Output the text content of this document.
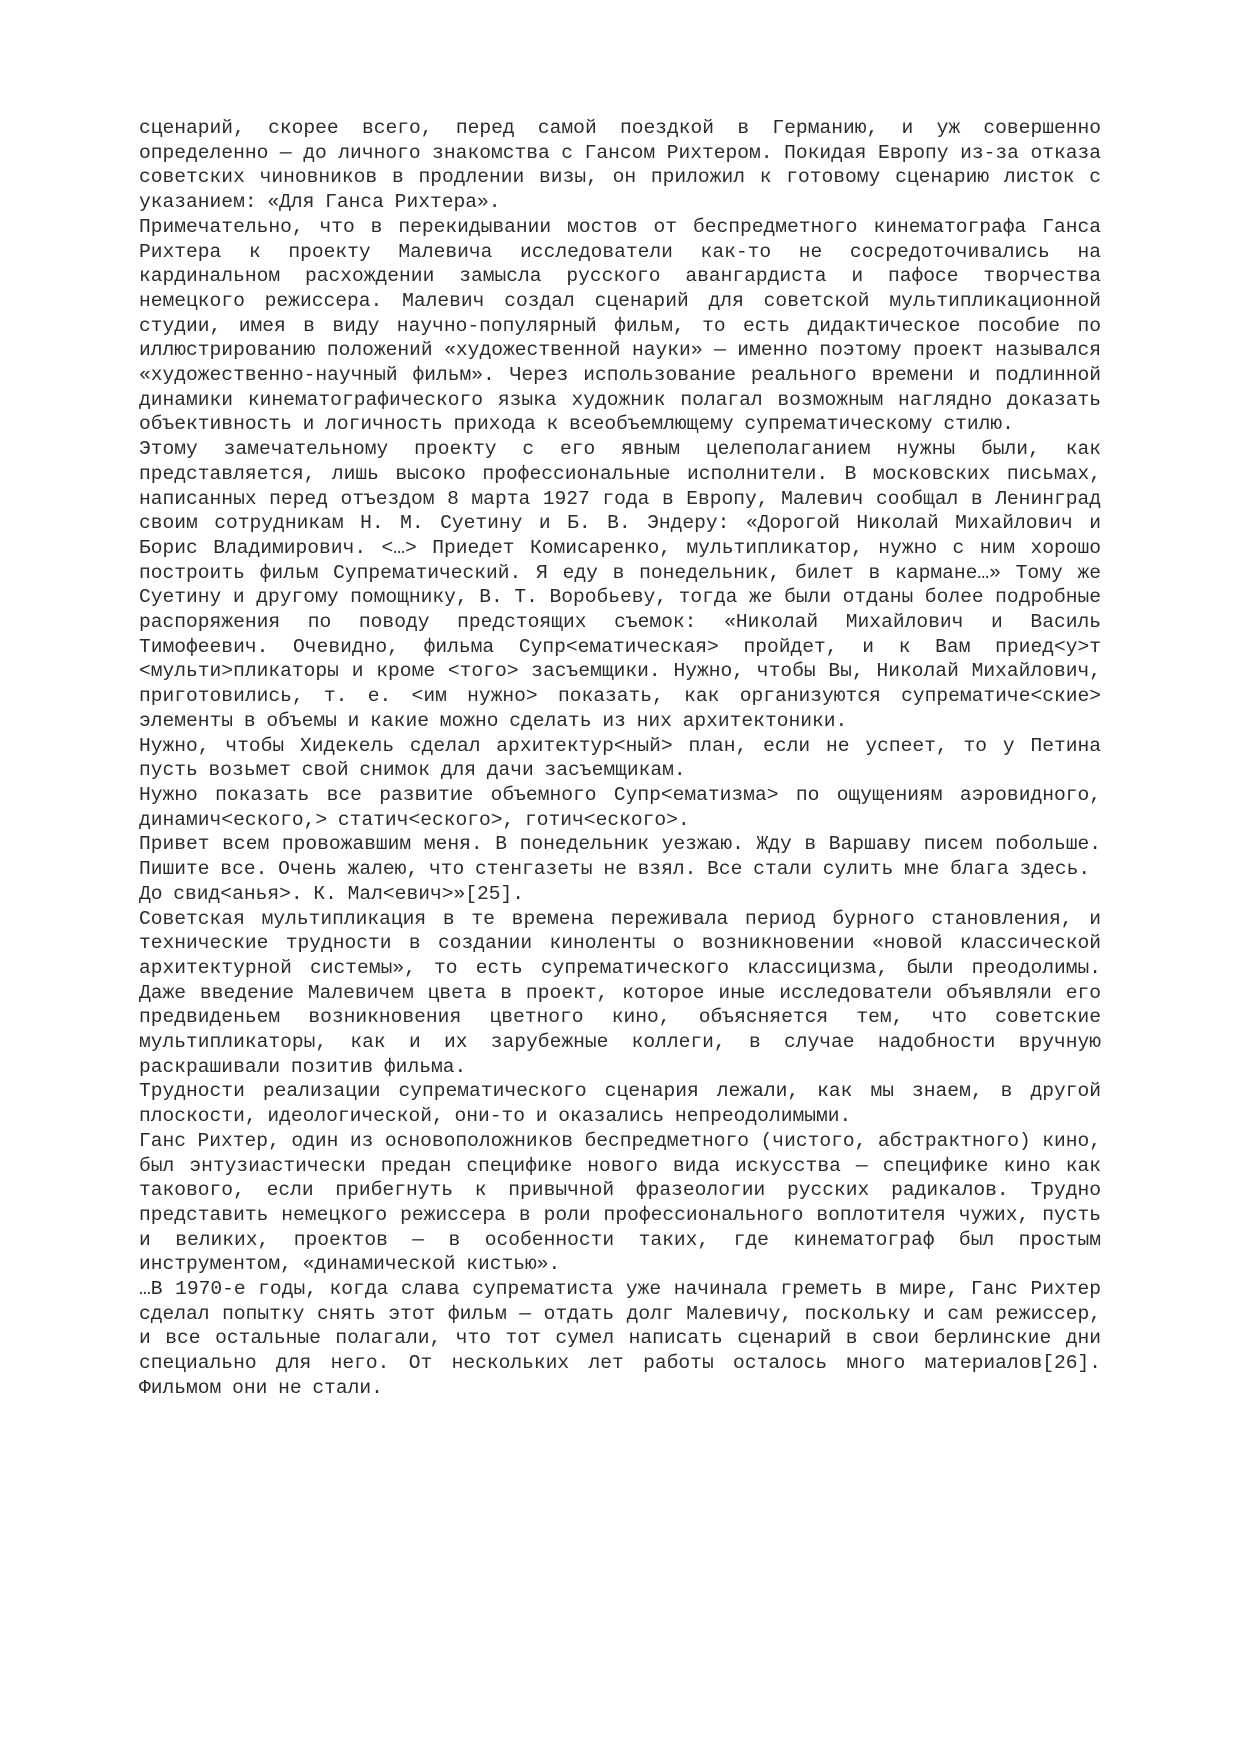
сценарий, скорее всего, перед самой поездкой в Германию, и уж совершенно определенно — до личного знакомства с Гансом Рихтером. Покидая Европу из-за отказа советских чиновников в продлении визы, он приложил к готовому сценарию листок с указанием: «Для Ганса Рихтера».

Примечательно, что в перекидывании мостов от беспредметного кинематографа Ганса Рихтера к проекту Малевича исследователи как-то не сосредоточивались на кардинальном расхождении замысла русского авангардиста и пафосе творчества немецкого режиссера. Малевич создал сценарий для советской мультипликационной студии, имея в виду научно-популярный фильм, то есть дидактическое пособие по иллюстрированию положений «художественной науки» — именно поэтому проект назывался «художественно-научный фильм». Через использование реального времени и подлинной динамики кинематографического языка художник полагал возможным наглядно доказать объективность и логичность прихода к всеобъемлющему супрематическому стилю.

Этому замечательному проекту с его явным целеполаганием нужны были, как представляется, лишь высоко профессиональные исполнители. В московских письмах, написанных перед отъездом 8 марта 1927 года в Европу, Малевич сообщал в Ленинград своим сотрудникам Н. М. Суетину и Б. В. Эндеру: «Дорогой Николай Михайлович и Борис Владимирович. <…> Приедет Комисаренко, мультипликатор, нужно с ним хорошо построить фильм Супрематический. Я еду в понедельник, билет в кармане…» Тому же Суетину и другому помощнику, В. Т. Воробьеву, тогда же были отданы более подробные распоряжения по поводу предстоящих съемок: «Николай Михайлович и Василь Тимофеевич. Очевидно, фильма Супр<ематическая> пройдет, и к Вам приед<у>т <мульти>пликаторы и кроме <того> засъемщики. Нужно, чтобы Вы, Николай Михайлович, приготовились, т. е. <им нужно> показать, как организуются супрематиче<ские> элементы в объемы и какие можно сделать из них архитектоники.

Нужно, чтобы Хидекель сделал архитектур<ный> план, если не успеет, то у Петина пусть возьмет свой снимок для дачи засъемщикам.

Нужно показать все развитие объемного Супр<ематизма> по ощущениям аэровидного, динамич<еского,> статич<еского>, готич<еского>.

Привет всем провожавшим меня. В понедельник уезжаю. Жду в Варшаву писем побольше. Пишите все. Очень жалею, что стенгазеты не взял. Все стали сулить мне блага здесь.

До свид<анья>. К. Мал<евич>»[25].

Советская мультипликация в те времена переживала период бурного становления, и технические трудности в создании киноленты о возникновении «новой классической архитектурной системы», то есть супрематического классицизма, были преодолимы. Даже введение Малевичем цвета в проект, которое иные исследователи объявляли его предвиденьем возникновения цветного кино, объясняется тем, что советские мультипликаторы, как и их зарубежные коллеги, в случае надобности вручную раскрашивали позитив фильма.

Трудности реализации супрематического сценария лежали, как мы знаем, в другой плоскости, идеологической, они-то и оказались непреодолимыми.

Ганс Рихтер, один из основоположников беспредметного (чистого, абстрактного) кино, был энтузиастически предан специфике нового вида искусства — специфике кино как такового, если прибегнуть к привычной фразеологии русских радикалов. Трудно представить немецкого режиссера в роли профессионального воплотителя чужих, пусть и великих, проектов — в особенности таких, где кинематограф был простым инструментом, «динамической кистью».

…В 1970-е годы, когда слава супрематиста уже начинала греметь в мире, Ганс Рихтер сделал попытку снять этот фильм — отдать долг Малевичу, поскольку и сам режиссер, и все остальные полагали, что тот сумел написать сценарий в свои берлинские дни специально для него. От нескольких лет работы осталось много материалов[26]. Фильмом они не стали.
